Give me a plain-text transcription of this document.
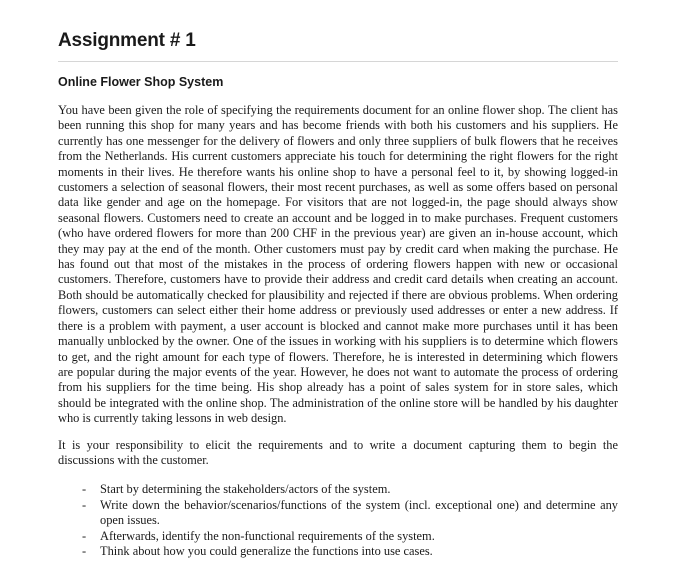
Assignment # 1
Online Flower Shop System

You have been given the role of specifying the requirements document for an online flower shop. The client has been running this shop for many years and has become friends with both his customers and his suppliers. He currently has one messenger for the delivery of flowers and only three suppliers of bulk flowers that he receives from the Netherlands. His current customers appreciate his touch for determining the right flowers for the right moments in their lives. He therefore wants his online shop to have a personal feel to it, by showing logged-in customers a selection of seasonal flowers, their most recent purchases, as well as some offers based on personal data like gender and age on the homepage. For visitors that are not logged-in, the page should always show seasonal flowers. Customers need to create an account and be logged in to make purchases. Frequent customers (who have ordered flowers for more than 200 CHF in the previous year) are given an in-house account, which they may pay at the end of the month. Other customers must pay by credit card when making the purchase. He has found out that most of the mistakes in the process of ordering flowers happen with new or occasional customers. Therefore, customers have to provide their address and credit card details when creating an account. Both should be automatically checked for plausibility and rejected if there are obvious problems. When ordering flowers, customers can select either their home address or previously used addresses or enter a new address. If there is a problem with payment, a user account is blocked and cannot make more purchases until it has been manually unblocked by the owner. One of the issues in working with his suppliers is to determine which flowers to get, and the right amount for each type of flowers. Therefore, he is interested in determining which flowers are popular during the major events of the year. However, he does not want to automate the process of ordering from his suppliers for the time being. His shop already has a point of sales system for in store sales, which should be integrated with the online shop. The administration of the online store will be handled by his daughter who is currently taking lessons in web design.

It is your responsibility to elicit the requirements and to write a document capturing them to begin the discussions with the customer.

- Start by determining the stakeholders/actors of the system.
- Write down the behavior/scenarios/functions of the system (incl. exceptional one) and determine any open issues.
- Afterwards, identify the non-functional requirements of the system.
- Think about how you could generalize the functions into use cases.
